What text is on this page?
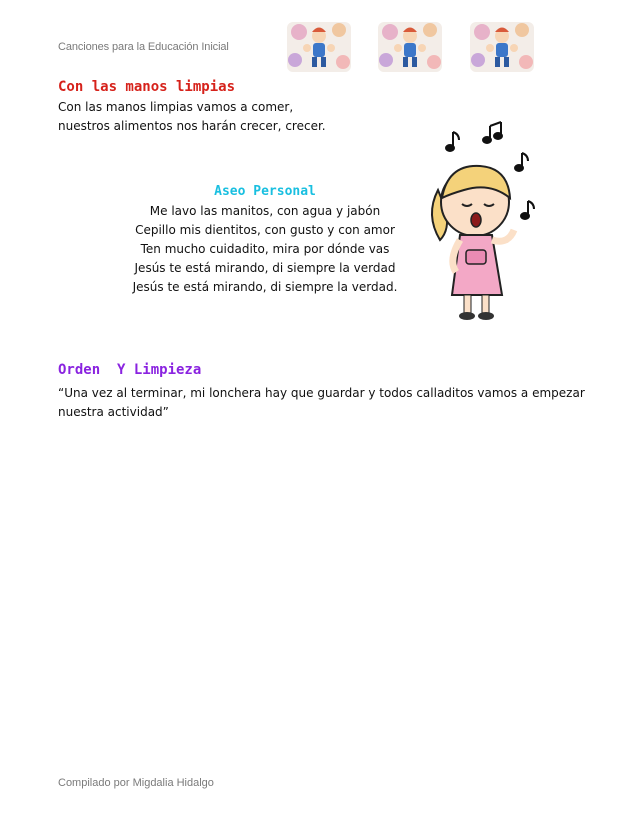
Canciones para la Educación Inicial
Con las manos limpias
Con las manos limpias vamos a comer,
nuestros alimentos nos harán crecer, crecer.
Aseo Personal
Me lavo las manitos, con agua y jabón
Cepillo mis dientitos, con gusto y con amor
Ten mucho cuidadito, mira por dónde vas
Jesús te está mirando, di siempre la verdad
Jesús te está mirando, di siempre la verdad.
Orden  Y Limpieza
“Una vez al terminar, mi lonchera hay que guardar y todos calladitos vamos a empezar nuestra actividad”
Compilado por Migdalia Hidalgo
